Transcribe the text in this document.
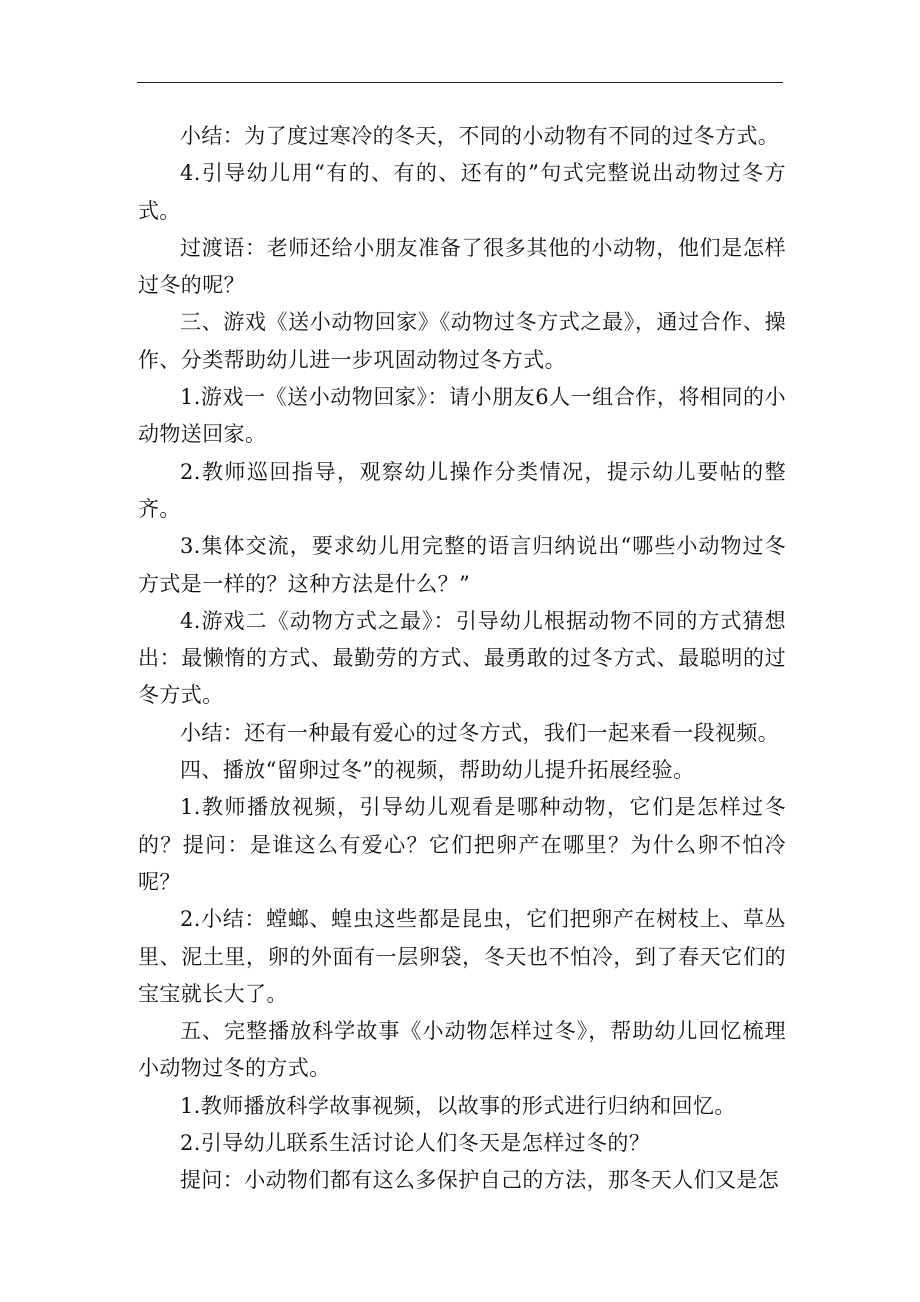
小结：为了度过寒冷的冬天，不同的小动物有不同的过冬方式。

4.引导幼儿用“有的、有的、还有的”句式完整说出动物过冬方式。

过渡语：老师还给小朋友准备了很多其他的小动物，他们是怎样过冬的呢？

三、游戏《送小动物回家》《动物过冬方式之最》，通过合作、操作、分类帮助幼儿进一步巩固动物过冬方式。

1.游戏一《送小动物回家》：请小朋友6人一组合作，将相同的小动物送回家。

2.教师巡回指导，观察幼儿操作分类情况，提示幼儿要帖的整齐。

3.集体交流，要求幼儿用完整的语言归纳说出“哪些小动物过冬方式是一样的？这种方法是什么？”

4.游戏二《动物方式之最》：引导幼儿根据动物不同的方式猜想出：最懒惰的方式、最勤劳的方式、最勇敢的过冬方式、最聪明的过冬方式。

小结：还有一种最有爱心的过冬方式，我们一起来看一段视频。

四、播放“留卵过冬”的视频，帮助幼儿提升拓展经验。

1.教师播放视频，引导幼儿观看是哪种动物，它们是怎样过冬的？提问：是谁这么有爱心？它们把卵产在哪里？为什么卵不怕冷呢？

2.小结：螳螂、蝗虫这些都是昆虫，它们把卵产在树枝上、草丛里、泥土里，卵的外面有一层卵袋，冬天也不怕冷，到了春天它们的宝宝就长大了。

五、完整播放科学故事《小动物怎样过冬》，帮助幼儿回忆梳理小动物过冬的方式。

1.教师播放科学故事视频，以故事的形式进行归纳和回忆。

2.引导幼儿联系生活讨论人们冬天是怎样过冬的？

提问：小动物们都有这么多保护自己的方法，那冬天人们又是怎
